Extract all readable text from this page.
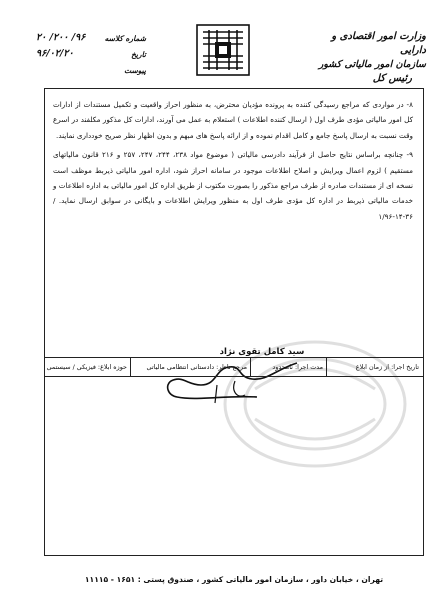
وزارت امور اقتصادی و دارایی
سازمان امور مالیاتی کشور
رئیس کل
شماره کلاسه
۹۶/ ۲۰۰/ ۲۰
تاریخ
۹۶/۰۲/۲۰
پیوست

۸- در مواردی که مراجع رسیدگی کننده به پرونده مؤدیان محترض، به منظور احراز واقعیت و تکمیل مستندات از ادارات کل امور مالیاتی مؤدی طرف اول ( ارسال کننده اطلاعات ) استعلام به عمل می آورند، ادارات کل مذکور مکلفند در اسرع وقت نسبت به ارسال پاسخ جامع و کامل اقدام نموده و از ارائه پاسخ های مبهم و بدون اظهار نظر صریح خودداری نمایند.

۹- چنانچه براساس نتایج حاصل از فرآیند دادرسی مالیاتی ( موضوع مواد ۲۳۸، ۲۴۴، ۲۴۷، ۲۵۷ و ۲۱۶ قانون مالیاتهای مستقیم ) لزوم اعمال ویرایش و اصلاح اطلاعات موجود در سامانه احراز شود، اداره امور مالیاتی ذیربط موظف است نسخه ای از مستندات صادره از طرف مراجع مذکور را بصورت مکتوب از طریق اداره کل امور مالیاتی به اداره اطلاعات و خدمات مالیاتی ذیربط در اداره کل مؤدی طرف اول به منظور ویرایش اطلاعات و بایگانی در سوابق ارسال نماید. /۳۶-۱۴-۱/۹۶

سید کامل تقوی نژاد
تاریخ اجرا: از زمان ابلاغ
مدت اجرا: نامحدود
مرجع ناظر: دادستانی انتظامی مالیاتی
حوزه ابلاغ: فیزیکی / سیستمی
تهران ، خیابان داور ، سازمان امور مالیاتی کشور ، صندوق پستی : ۱۶۵۱ - ۱۱۱۱۵
